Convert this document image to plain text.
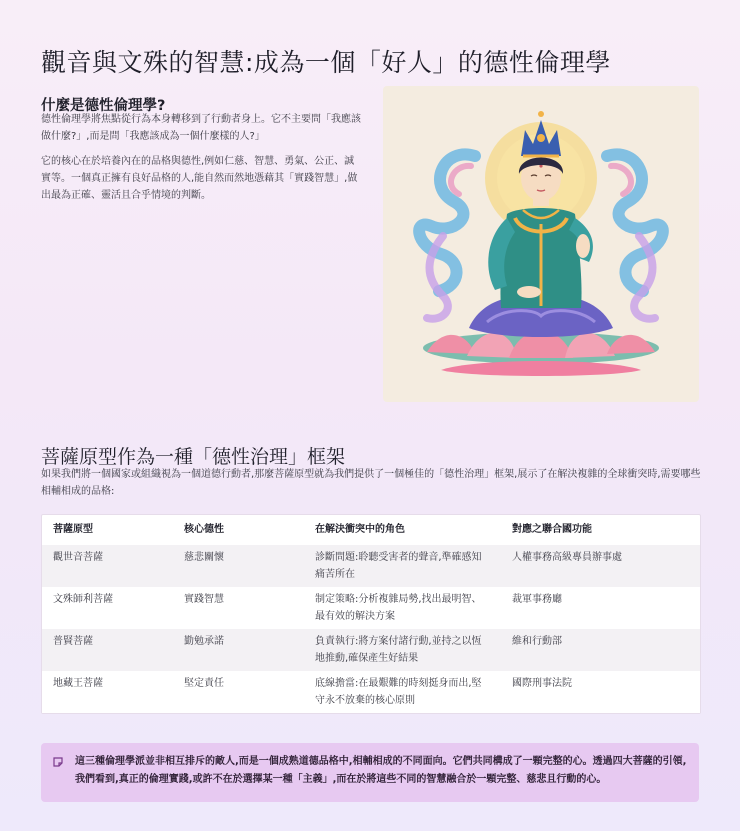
觀音與文殊的智慧:成為一個「好人」的德性倫理學
什麼是德性倫理學?

德性倫理學將焦點從行為本身轉移到了行動者身上。它不主要問「我應該做什麼?」,而是問「我應該成為一個什麼樣的人?」

它的核心在於培養內在的品格與德性,例如仁慈、智慧、勇氣、公正、誠實等。一個真正擁有良好品格的人,能自然而然地憑藉其「實踐智慧」,做出最為正確、靈活且合乎情境的判斷。

菩薩原型作為一種「德性治理」框架

如果我們將一個國家或組織視為一個道德行動者,那麼菩薩原型就為我們提供了一個極佳的「德性治理」框架,展示了在解決複雜的全球衝突時,需要哪些相輔相成的品格:

菩薩原型	核心德性	在解決衝突中的角色	對應之聯合國功能
觀世音菩薩	慈悲關懷	診斷問題:聆聽受害者的聲音,準確感知痛苦所在	人權事務高級專員辦事處
文殊師利菩薩	實踐智慧	制定策略:分析複雜局勢,找出最明智、最有效的解決方案	裁軍事務廳
普賢菩薩	勤勉承諾	負責執行:將方案付諸行動,並持之以恆地推動,確保產生好結果	維和行動部
地藏王菩薩	堅定責任	底線擔當:在最艱難的時刻挺身而出,堅守永不放棄的核心原則	國際刑事法院

這三種倫理學派並非相互排斥的敵人,而是一個成熟道德品格中,相輔相成的不同面向。它們共同構成了一顆完整的心。透過四大菩薩的引領,我們看到,真正的倫理實踐,或許不在於選擇某一種「主義」,而在於將這些不同的智慧融合於一顆完整、慈悲且行動的心。
